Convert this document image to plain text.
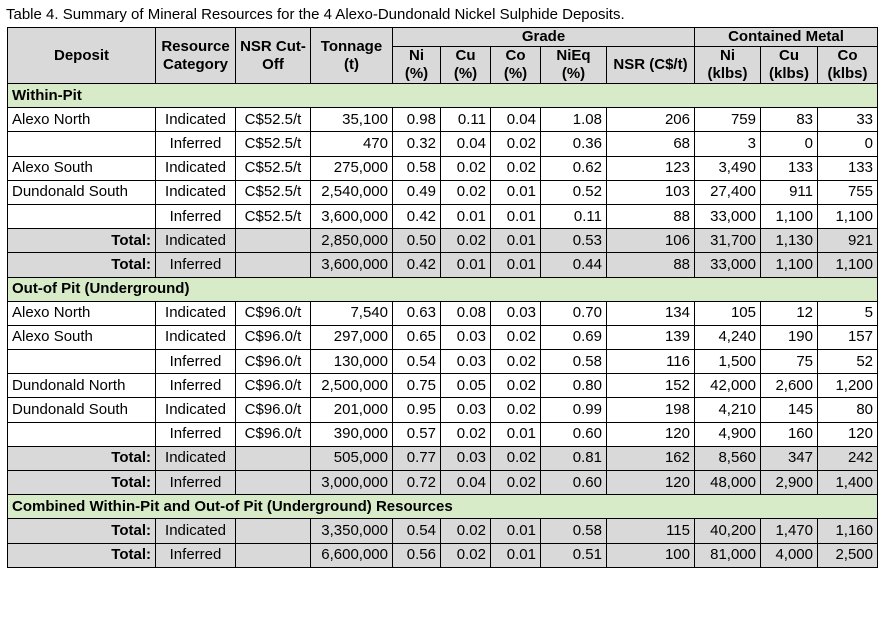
Table 4. Summary of Mineral Resources for the 4 Alexo-Dundonald Nickel Sulphide Deposits.
Deposit	Resource Category	NSR Cut-Off	Tonnage (t)	Grade					Contained Metal		
				Ni (%)	Cu (%)	Co (%)	NiEq (%)	NSR (C$/t)	Ni (klbs)	Cu (klbs)	Co (klbs)
Within-Pit											
Alexo North	Indicated	C$52.5/t	35,100	0.98	0.11	0.04	1.08	206	759	83	33
	Inferred	C$52.5/t	470	0.32	0.04	0.02	0.36	68	3	0	0
Alexo South	Indicated	C$52.5/t	275,000	0.58	0.02	0.02	0.62	123	3,490	133	133
Dundonald South	Indicated	C$52.5/t	2,540,000	0.49	0.02	0.01	0.52	103	27,400	911	755
	Inferred	C$52.5/t	3,600,000	0.42	0.01	0.01	0.11	88	33,000	1,100	1,100
Total:	Indicated		2,850,000	0.50	0.02	0.01	0.53	106	31,700	1,130	921
Total:	Inferred		3,600,000	0.42	0.01	0.01	0.44	88	33,000	1,100	1,100
Out-of Pit (Underground)											
Alexo North	Indicated	C$96.0/t	7,540	0.63	0.08	0.03	0.70	134	105	12	5
Alexo South	Indicated	C$96.0/t	297,000	0.65	0.03	0.02	0.69	139	4,240	190	157
	Inferred	C$96.0/t	130,000	0.54	0.03	0.02	0.58	116	1,500	75	52
Dundonald North	Inferred	C$96.0/t	2,500,000	0.75	0.05	0.02	0.80	152	42,000	2,600	1,200
Dundonald South	Indicated	C$96.0/t	201,000	0.95	0.03	0.02	0.99	198	4,210	145	80
	Inferred	C$96.0/t	390,000	0.57	0.02	0.01	0.60	120	4,900	160	120
Total:	Indicated		505,000	0.77	0.03	0.02	0.81	162	8,560	347	242
Total:	Inferred		3,000,000	0.72	0.04	0.02	0.60	120	48,000	2,900	1,400
Combined Within-Pit and Out-of Pit (Underground) Resources											
Total:	Indicated		3,350,000	0.54	0.02	0.01	0.58	115	40,200	1,470	1,160
Total:	Inferred		6,600,000	0.56	0.02	0.01	0.51	100	81,000	4,000	2,500
